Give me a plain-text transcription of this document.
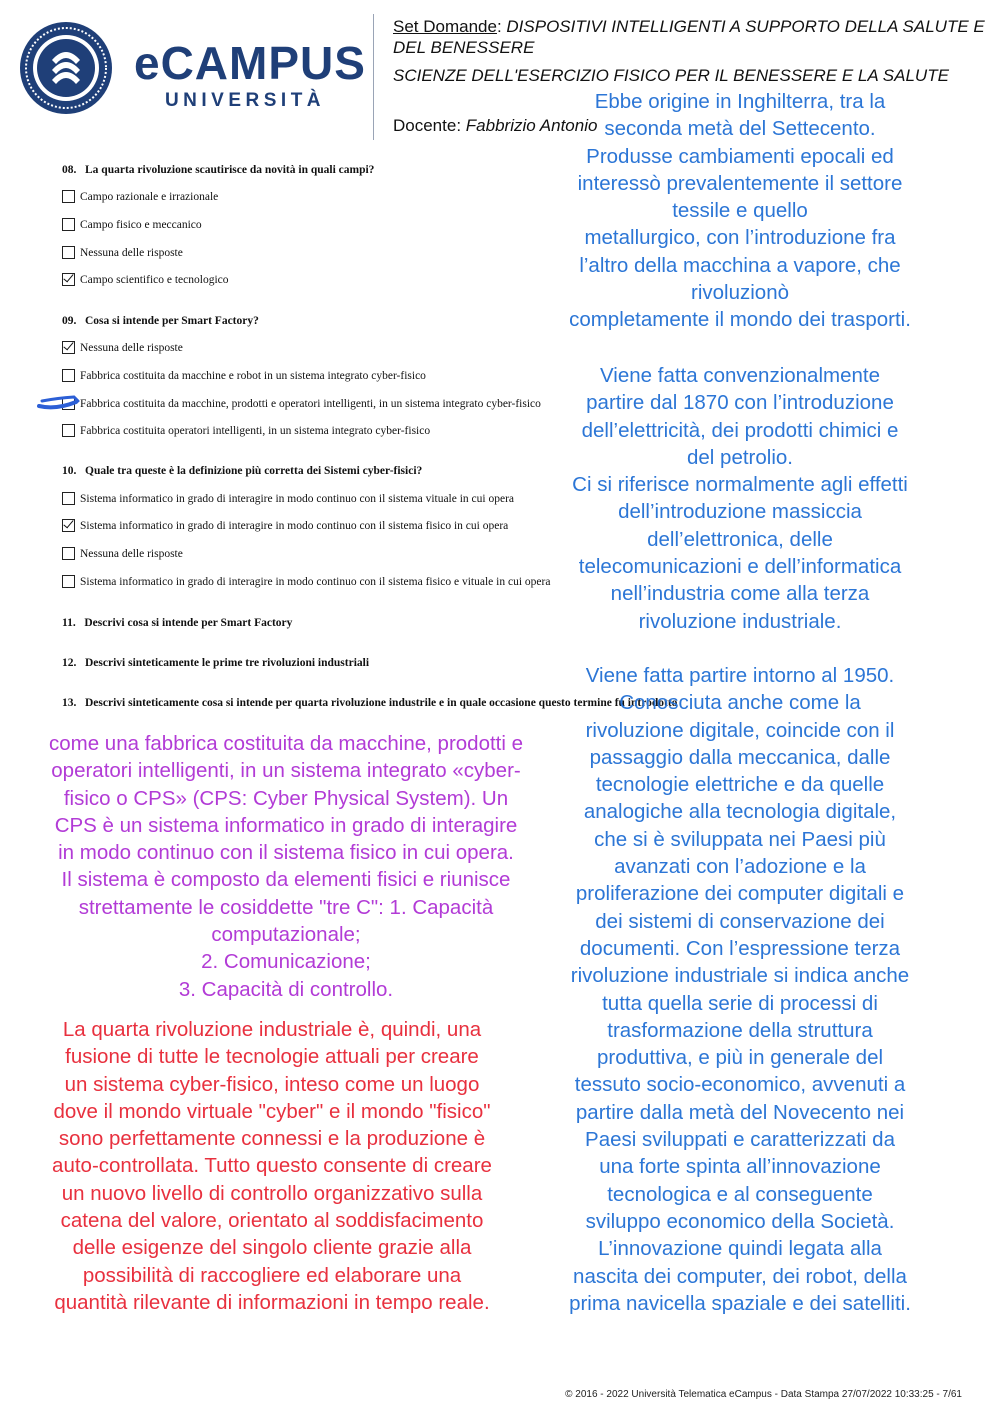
eCAMPUS
UNIVERSITÀ
Set Domande: DISPOSITIVI INTELLIGENTI A SUPPORTO DELLA SALUTE E DEL BENESSERE
SCIENZE DELL'ESERCIZIO FISICO PER IL BENESSERE E LA SALUTE
Docente: Fabbrizio Antonio
08. La quarta rivoluzione scautirisce da novità in quali campi?
Campo razionale e irrazionale
Campo fisico e meccanico
Nessuna delle risposte
Campo scientifico e tecnologico
09. Cosa si intende per Smart Factory?
Nessuna delle risposte
Fabbrica costituita da macchine e robot in un sistema integrato cyber-fisico
Fabbrica costituita da macchine, prodotti e operatori intelligenti, in un sistema integrato cyber-fisico
Fabbrica costituita operatori intelligenti, in un sistema integrato cyber-fisico
10. Quale tra queste è la definizione più corretta dei Sistemi cyber-fisici?
Sistema informatico in grado di interagire in modo continuo con il sistema vituale in cui opera
Sistema informatico in grado di interagire in modo continuo con il sistema fisico in cui opera
Nessuna delle risposte
Sistema informatico in grado di interagire in modo continuo con il sistema fisico e vituale in cui opera
11. Descrivi cosa si intende per Smart Factory
12. Descrivi sinteticamente le prime tre rivoluzioni industriali
13. Descrivi sinteticamente cosa si intende per quarta rivoluzione industrile e in quale occasione questo termine fu introdotto
Ebbe origine in Inghilterra, tra la
seconda metà del Settecento.
Produsse cambiamenti epocali ed
interessò prevalentemente il settore
tessile e quello
metallurgico, con l’introduzione fra
l’altro della macchina a vapore, che
rivoluzionò
completamente il mondo dei trasporti.
Viene fatta convenzionalmente
partire dal 1870 con l’introduzione
dell’elettricità, dei prodotti chimici e
del petrolio.
Ci si riferisce normalmente agli effetti
dell’introduzione massiccia
dell’elettronica, delle
telecomunicazioni e dell’informatica
nell’industria come alla terza
rivoluzione industriale.
Viene fatta partire intorno al 1950.
Conosciuta anche come la
rivoluzione digitale, coincide con il
passaggio dalla meccanica, dalle
tecnologie elettriche e da quelle
analogiche alla tecnologia digitale,
che si è sviluppata nei Paesi più
avanzati con l’adozione e la
proliferazione dei computer digitali e
dei sistemi di conservazione dei
documenti. Con l’espressione terza
rivoluzione industriale si indica anche
tutta quella serie di processi di
trasformazione della struttura
produttiva, e più in generale del
tessuto socio-economico, avvenuti a
partire dalla metà del Novecento nei
Paesi sviluppati e caratterizzati da
una forte spinta all’innovazione
tecnologica e al conseguente
sviluppo economico della Società.
L’innovazione quindi legata alla
nascita dei computer, dei robot, della
prima navicella spaziale e dei satelliti.
come una fabbrica costituita da macchine, prodotti e
operatori intelligenti, in un sistema integrato «cyber-
fisico o CPS» (CPS: Cyber Physical System). Un
CPS è un sistema informatico in grado di interagire
in modo continuo con il sistema fisico in cui opera.
Il sistema è composto da elementi fisici e riunisce
strettamente le cosiddette "tre C": 1. Capacità
computazionale;
2. Comunicazione;
3. Capacità di controllo.
La quarta rivoluzione industriale è, quindi, una
fusione di tutte le tecnologie attuali per creare
un sistema cyber-fisico, inteso come un luogo
dove il mondo virtuale "cyber" e il mondo "fisico"
sono perfettamente connessi e la produzione è
auto-controllata. Tutto questo consente di creare
un nuovo livello di controllo organizzativo sulla
catena del valore, orientato al soddisfacimento
delle esigenze del singolo cliente grazie alla
possibilità di raccogliere ed elaborare una
quantità rilevante di informazioni in tempo reale.
© 2016 - 2022 Università Telematica eCampus - Data Stampa 27/07/2022 10:33:25 - 7/61
